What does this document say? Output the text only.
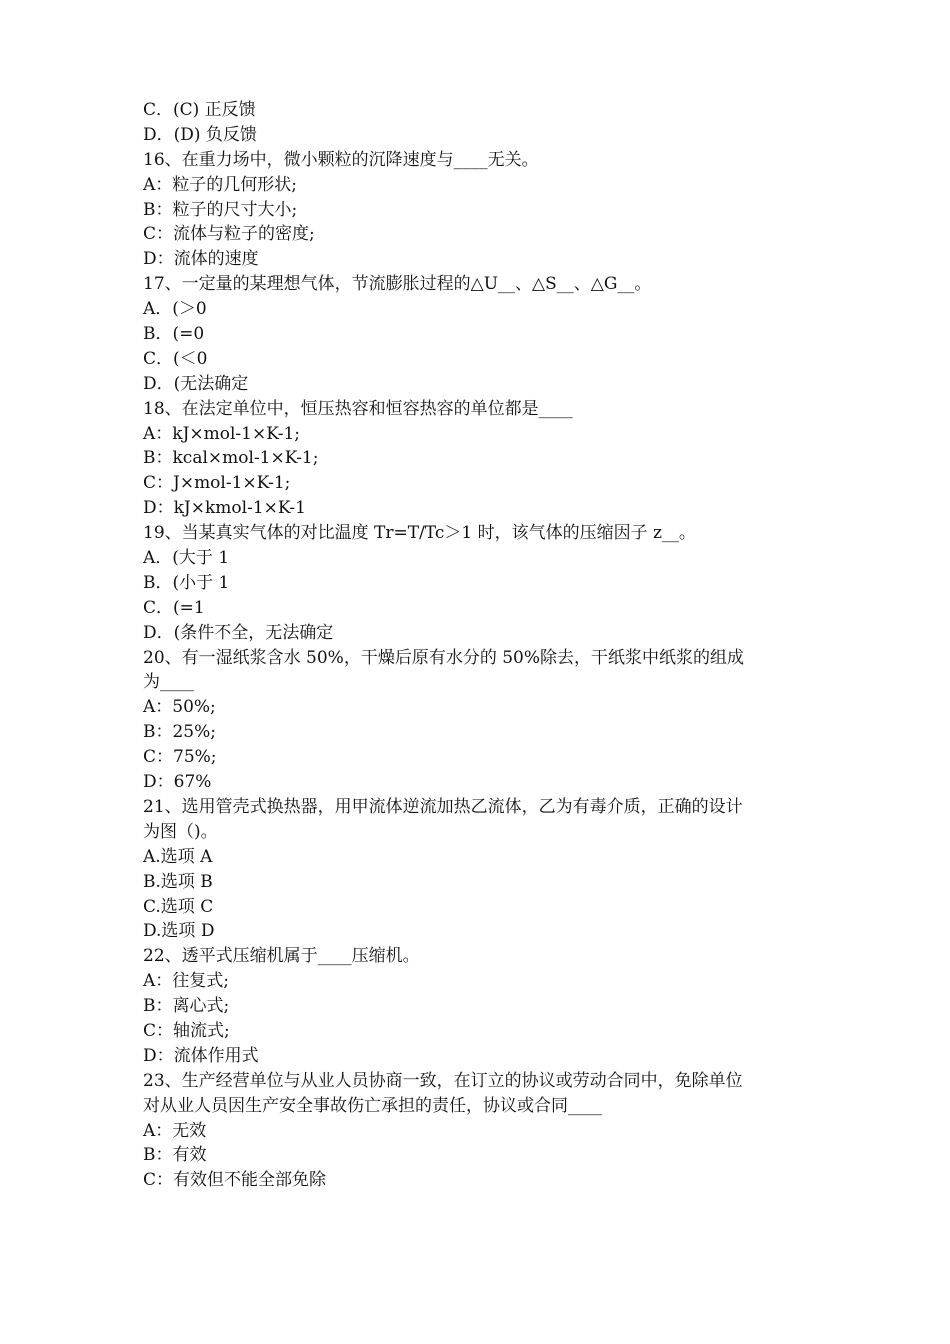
C．(C) 正反馈
D．(D) 负反馈
16、在重力场中，微小颗粒的沉降速度与____无关。
A：粒子的几何形状;
B：粒子的尺寸大小;
C：流体与粒子的密度;
D：流体的速度
17、一定量的某理想气体，节流膨胀过程的△U__、△S__、△G__。
A．(＞0
B．(=0
C．(＜0
D．(无法确定
18、在法定单位中，恒压热容和恒容热容的单位都是____
A：kJ×mol-1×K-1;
B：kcal×mol-1×K-1;
C：J×mol-1×K-1;
D：kJ×kmol-1×K-1
19、当某真实气体的对比温度 Tr=T/Tc＞1 时，该气体的压缩因子 z__。
A．(大于 1
B．(小于 1
C．(=1
D．(条件不全，无法确定
20、有一湿纸浆含水 50%，干燥后原有水分的 50%除去，干纸浆中纸浆的组成
为____
A：50%;
B：25%;
C：75%;
D：67%
21、选用管壳式换热器，用甲流体逆流加热乙流体，乙为有毒介质，正确的设计
为图（)。
A.选项 A
B.选项 B
C.选项 C
D.选项 D
22、透平式压缩机属于____压缩机。
A：往复式;
B：离心式;
C：轴流式;
D：流体作用式
23、生产经营单位与从业人员协商一致，在订立的协议或劳动合同中，免除单位
对从业人员因生产安全事故伤亡承担的责任，协议或合同____
A：无效
B：有效
C：有效但不能全部免除
